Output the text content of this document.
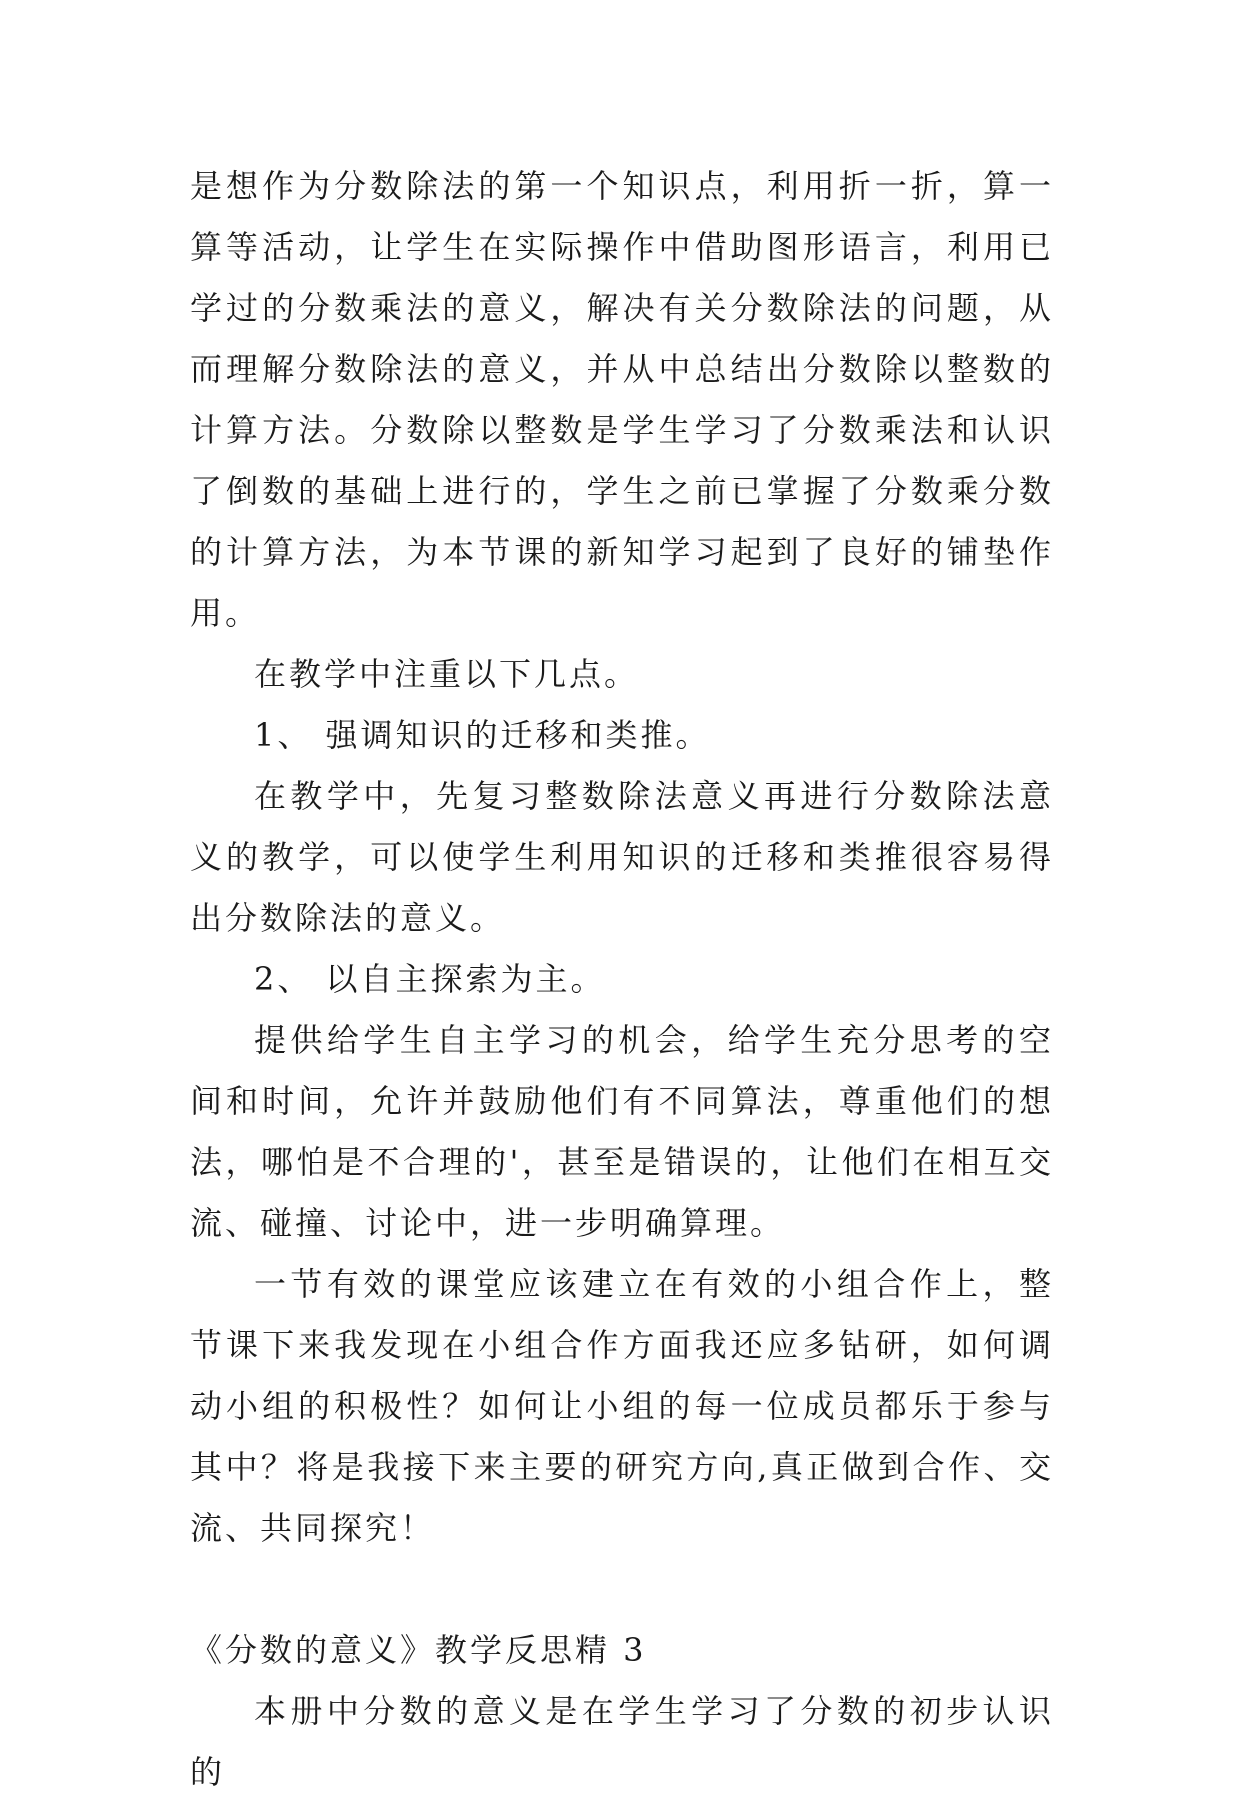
是想作为分数除法的第一个知识点，利用折一折，算一算等活动，让学生在实际操作中借助图形语言，利用已学过的分数乘法的意义，解决有关分数除法的问题，从而理解分数除法的意义，并从中总结出分数除以整数的计算方法。分数除以整数是学生学习了分数乘法和认识了倒数的基础上进行的，学生之前已掌握了分数乘分数的计算方法，为本节课的新知学习起到了良好的铺垫作用。

在教学中注重以下几点。

1、 强调知识的迁移和类推。

在教学中，先复习整数除法意义再进行分数除法意义的教学，可以使学生利用知识的迁移和类推很容易得出分数除法的意义。

2、 以自主探索为主。

提供给学生自主学习的机会，给学生充分思考的空间和时间，允许并鼓励他们有不同算法，尊重他们的想法，哪怕是不合理的'，甚至是错误的，让他们在相互交流、碰撞、讨论中，进一步明确算理。

一节有效的课堂应该建立在有效的小组合作上，整节课下来我发现在小组合作方面我还应多钻研，如何调动小组的积极性？如何让小组的每一位成员都乐于参与其中？将是我接下来主要的研究方向,真正做到合作、交流、共同探究！

《分数的意义》教学反思精 3

本册中分数的意义是在学生学习了分数的初步认识的
